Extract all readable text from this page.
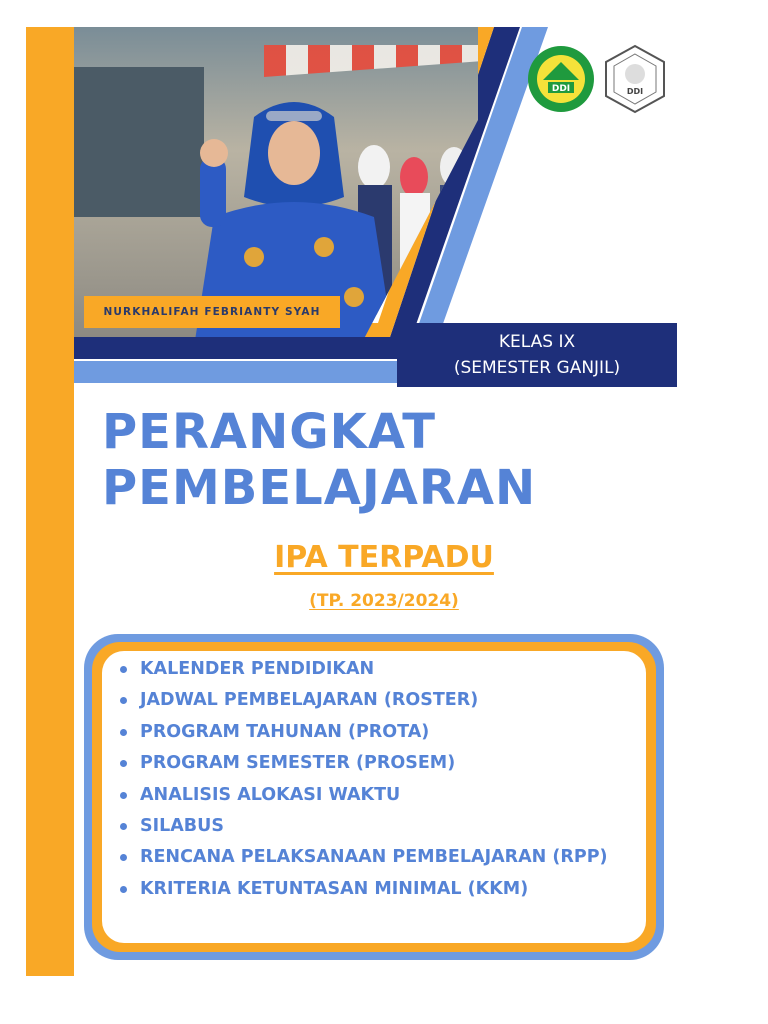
NURKHALIFAH FEBRIANTY SYAH
DDI	DDI
KELAS IX
(SEMESTER GANJIL)
PERANGKAT
PEMBELAJARAN
IPA TERPADU
(TP. 2023/2024)
KALENDER PENDIDIKAN
JADWAL PEMBELAJARAN (ROSTER)
PROGRAM TAHUNAN (PROTA)
PROGRAM SEMESTER (PROSEM)
ANALISIS ALOKASI WAKTU
SILABUS
RENCANA PELAKSANAAN PEMBELAJARAN (RPP)
KRITERIA KETUNTASAN MINIMAL (KKM)
